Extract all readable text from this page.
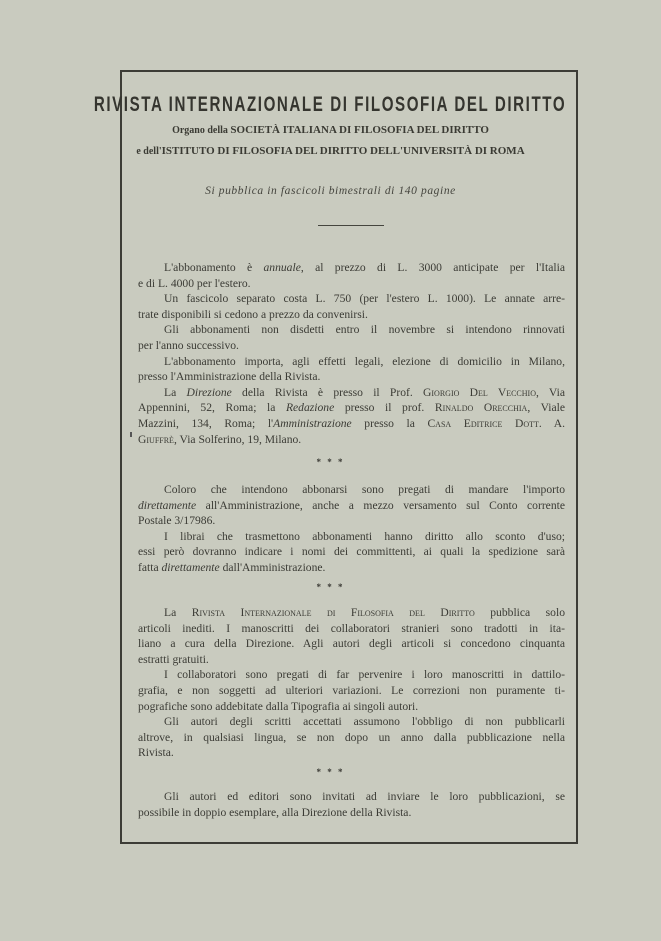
RIVISTA INTERNAZIONALE DI FILOSOFIA DEL DIRITTO
Organo della SOCIETÀ ITALIANA DI FILOSOFIA DEL DIRITTO
e dell'ISTITUTO DI FILOSOFIA DEL DIRITTO DELL'UNIVERSITÀ DI ROMA
Si pubblica in fascicoli bimestrali di 140 pagine
L'abbonamento è annuale, al prezzo di L. 3000 anticipate per l'Italia
e di L. 4000 per l'estero.
Un fascicolo separato costa L. 750 (per l'estero L. 1000). Le annate arre-
trate disponibili si cedono a prezzo da convenirsi.
Gli abbonamenti non disdetti entro il novembre si intendono rinnovati
per l'anno successivo.
L'abbonamento importa, agli effetti legali, elezione di domicilio in Milano,
presso l'Amministrazione della Rivista.
La Direzione della Rivista è presso il Prof. Giorgio Del Vecchio, Via
Appennini, 52, Roma; la Redazione presso il prof. Rinaldo Orecchia, Viale
Mazzini, 134, Roma; l'Amministrazione presso la Casa Editrice Dott. A.
Giuffrè, Via Solferino, 19, Milano.
* * *
Coloro che intendono abbonarsi sono pregati di mandare l'importo
direttamente all'Amministrazione, anche a mezzo versamento sul Conto corrente
Postale 3/17986.
I librai che trasmettono abbonamenti hanno diritto allo sconto d'uso;
essi però dovranno indicare i nomi dei committenti, ai quali la spedizione sarà
fatta direttamente dall'Amministrazione.
* * *
La Rivista Internazionale di Filosofia del Diritto pubblica solo
articoli inediti. I manoscritti dei collaboratori stranieri sono tradotti in ita-
liano a cura della Direzione. Agli autori degli articoli si concedono cinquanta
estratti gratuiti.
I collaboratori sono pregati di far pervenire i loro manoscritti in dattilo-
grafia, e non soggetti ad ulteriori variazioni. Le correzioni non puramente ti-
pografiche sono addebitate dalla Tipografia ai singoli autori.
Gli autori degli scritti accettati assumono l'obbligo di non pubblicarli
altrove, in qualsiasi lingua, se non dopo un anno dalla pubblicazione nella
Rivista.
* * *
Gli autori ed editori sono invitati ad inviare le loro pubblicazioni, se
possibile in doppio esemplare, alla Direzione della Rivista.
